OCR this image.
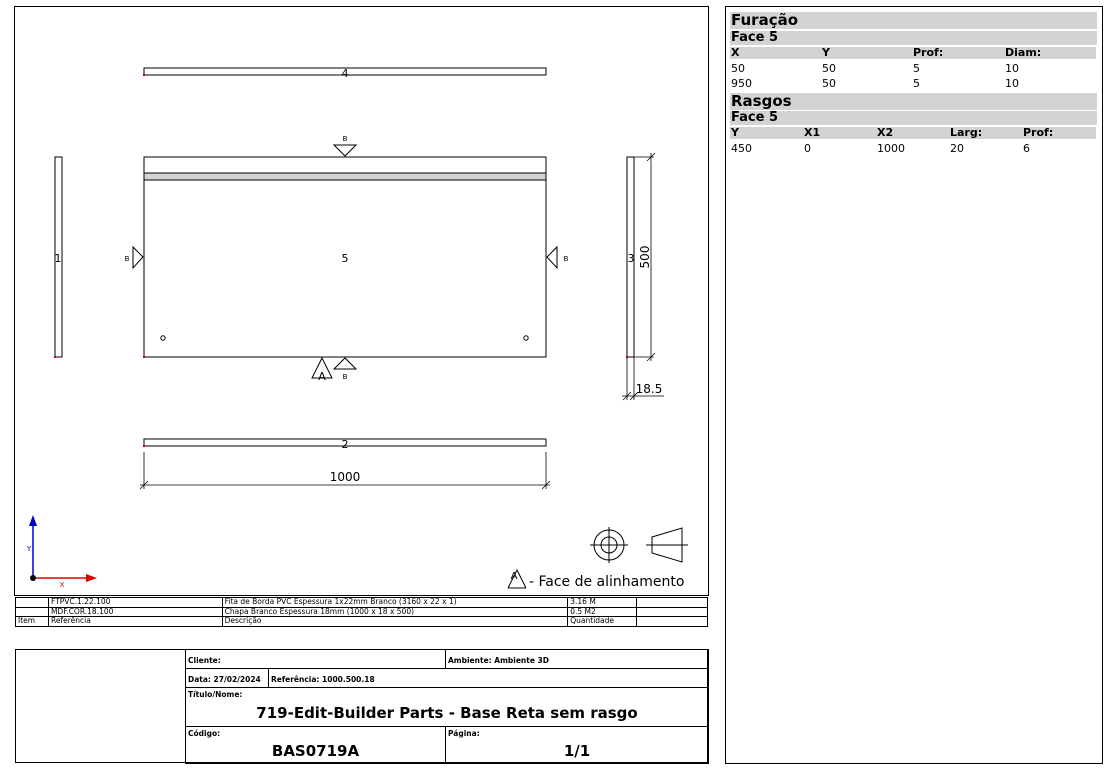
4
5
B
B	B
B
A
1	3 500
18.5
2
1000
Y
X
A - Face de alinhamento
	FTPVC.1.22.100	Fita de Borda PVC Espessura 1x22mm Branco (3160 x 22 x 1)	3.16 M	
	MDF.COR.18.100	Chapa Branco Espessura 18mm (1000 x 18 x 500)	0.5 M2	
Item	Referência	Descrição	Quantidade	
Cliente:	Ambiente: Ambiente 3D
Data: 27/02/2024 Referência: 1000.500.18
Título/Nome:
719-Edit-Builder Parts - Base Reta sem rasgo
Código:
BAS0719A
Página:
1/1
Furação
Face 5
X	Y	Prof:	Diam:
50	50	5	10
950	50	5	10
Rasgos
Face 5
Y	X1	X2	Larg:	Prof:
450	0	1000	20	6
